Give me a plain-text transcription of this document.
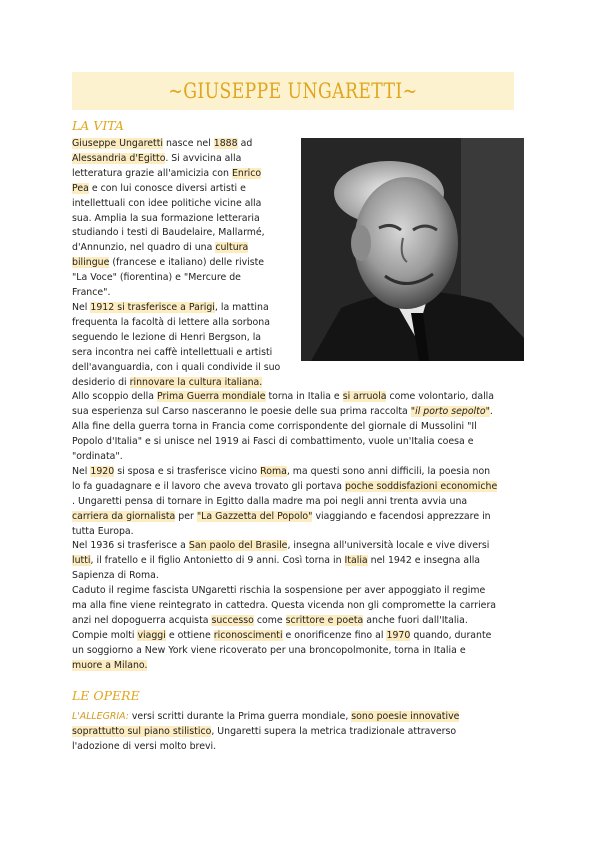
~GIUSEPPE UNGARETTI~
LA VITA
Giuseppe Ungaretti nasce nel 1888 ad
Alessandria d'Egitto. Si avvicina alla
letteratura grazie all'amicizia con Enrico
Pea e con lui conosce diversi artisti e
intellettuali con idee politiche vicine alla
sua. Amplia la sua formazione letteraria
studiando i testi di Baudelaire, Mallarmé,
d'Annunzio, nel quadro di una cultura
bilingue (francese e italiano) delle riviste
"La Voce" (fiorentina) e "Mercure de
France".
Nel 1912 si trasferisce a Parigi, la mattina
frequenta la facoltà di lettere alla sorbona
seguendo le lezione di Henri Bergson, la
sera incontra nei caffè intellettuali e artisti
dell'avanguardia, con i quali condivide il suo
desiderio di rinnovare la cultura italiana.
Allo scoppio della Prima Guerra mondiale torna in Italia e si arruola come volontario, dalla
sua esperienza sul Carso nasceranno le poesie delle sua prima raccolta "il porto sepolto".
Alla fine della guerra torna in Francia come corrispondente del giornale di Mussolini "Il
Popolo d'Italia" e si unisce nel 1919 ai Fasci di combattimento, vuole un'Italia coesa e
"ordinata".
Nel 1920 si sposa e si trasferisce vicino Roma, ma questi sono anni difficili, la poesia non
lo fa guadagnare e il lavoro che aveva trovato gli portava poche soddisfazioni economiche
. Ungaretti pensa di tornare in Egitto dalla madre ma poi negli anni trenta avvia una
carriera da giornalista per "La Gazzetta del Popolo" viaggiando e facendosi apprezzare in
tutta Europa.
Nel 1936 si trasferisce a San paolo del Brasile, insegna all'università locale e vive diversi
lutti, il fratello e il figlio Antonietto di 9 anni. Così torna in Italia nel 1942 e insegna alla
Sapienza di Roma.
Caduto il regime fascista UNgaretti rischia la sospensione per aver appoggiato il regime
ma alla fine viene reintegrato in cattedra. Questa vicenda non gli compromette la carriera
anzi nel dopoguerra acquista successo come scrittore e poeta anche fuori dall'Italia.
Compie molti viaggi e ottiene riconoscimenti e onorificenze fino al 1970 quando, durante
un soggiorno a New York viene ricoverato per una broncopolmonite, torna in Italia e
muore a Milano.
LE OPERE
L'ALLEGRIA: versi scritti durante la Prima guerra mondiale, sono poesie innovative
soprattutto sul piano stilistico, Ungaretti supera la metrica tradizionale attraverso
l'adozione di versi molto brevi.
